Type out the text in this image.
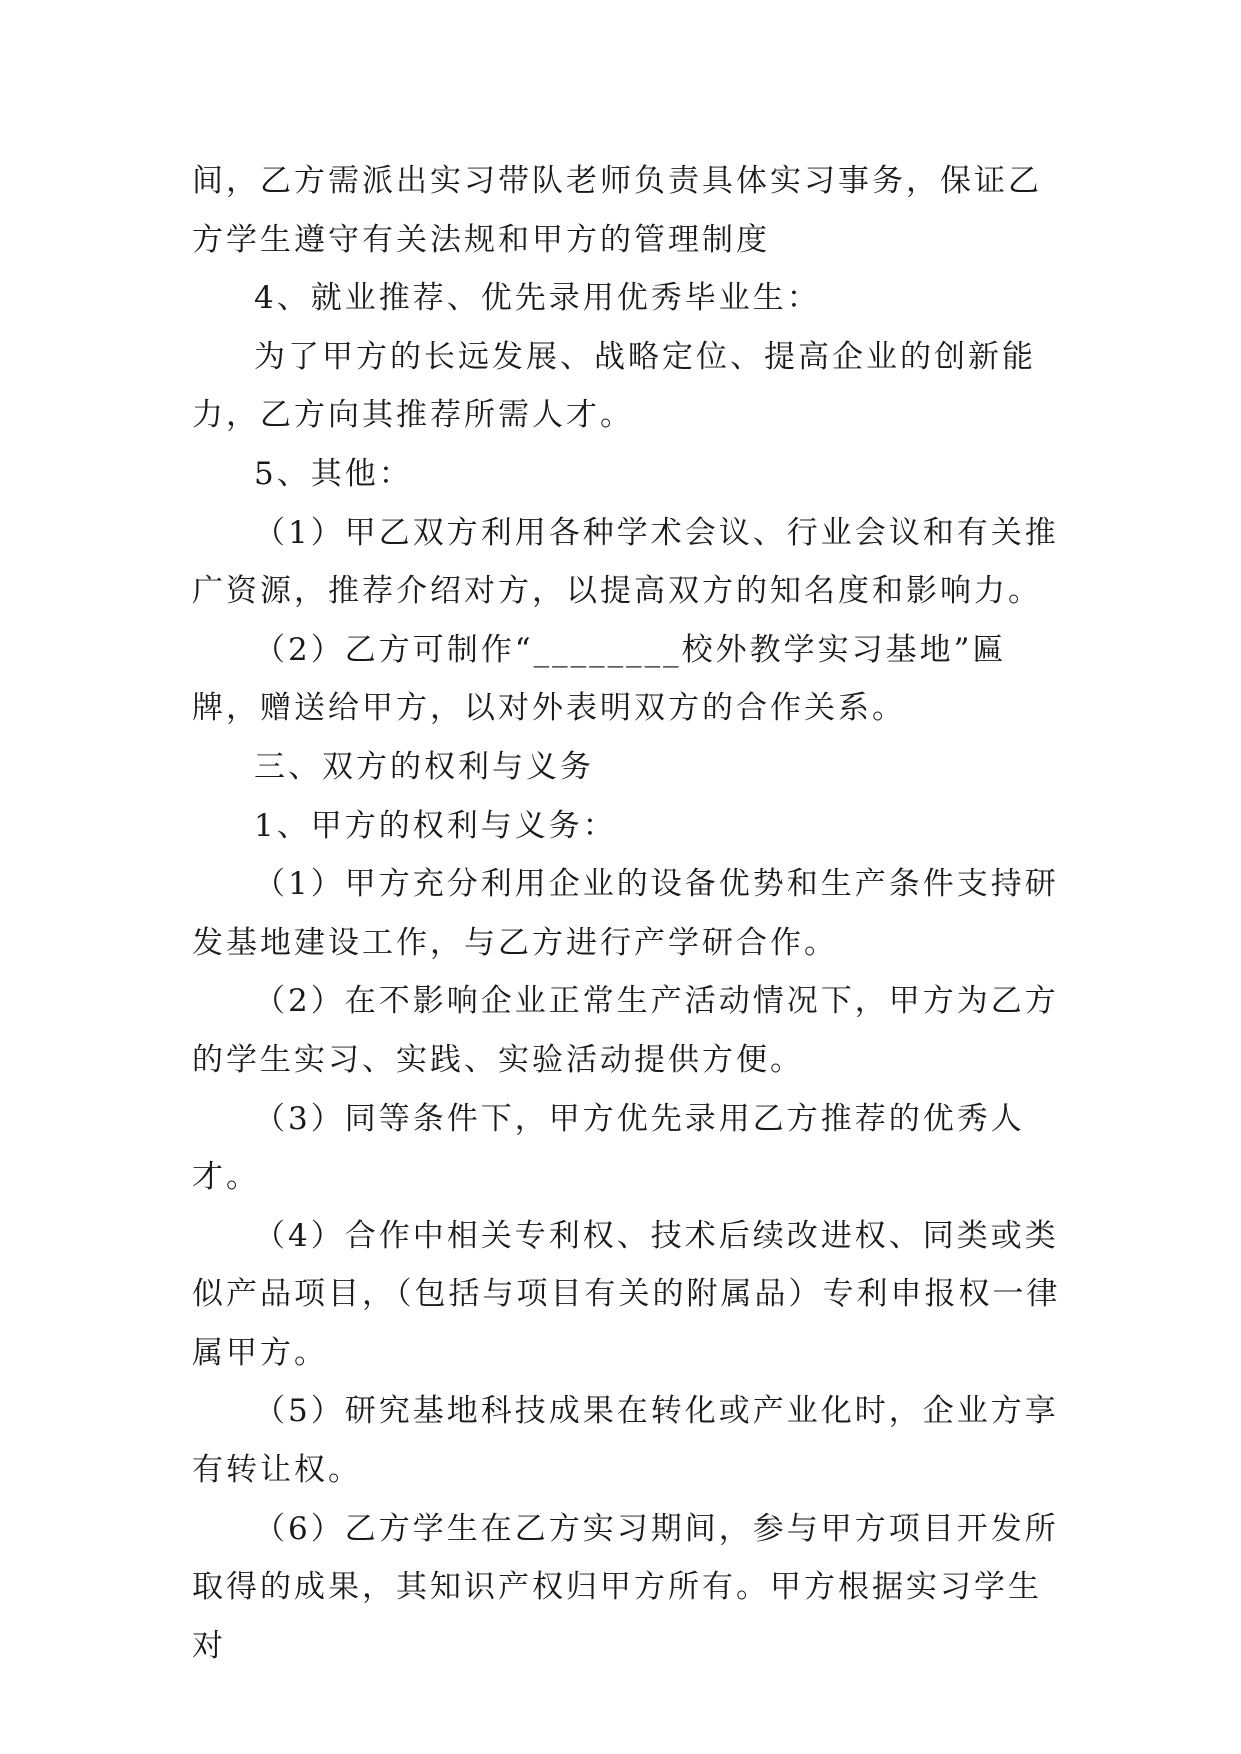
间，乙方需派出实习带队老师负责具体实习事务，保证乙方学生遵守有关法规和甲方的管理制度

4、就业推荐、优先录用优秀毕业生：

为了甲方的长远发展、战略定位、提高企业的创新能力，乙方向其推荐所需人才。

5、其他：

（1）甲乙双方利用各种学术会议、行业会议和有关推广资源，推荐介绍对方，以提高双方的知名度和影响力。

（2）乙方可制作“________校外教学实习基地”匾牌，赠送给甲方，以对外表明双方的合作关系。

三、双方的权利与义务

1、甲方的权利与义务：

（1）甲方充分利用企业的设备优势和生产条件支持研发基地建设工作，与乙方进行产学研合作。

（2）在不影响企业正常生产活动情况下，甲方为乙方的学生实习、实践、实验活动提供方便。

（3）同等条件下，甲方优先录用乙方推荐的优秀人才。

（4）合作中相关专利权、技术后续改进权、同类或类似产品项目，（包括与项目有关的附属品）专利申报权一律属甲方。

（5）研究基地科技成果在转化或产业化时，企业方享有转让权。

（6）乙方学生在乙方实习期间，参与甲方项目开发所取得的成果，其知识产权归甲方所有。甲方根据实习学生对
